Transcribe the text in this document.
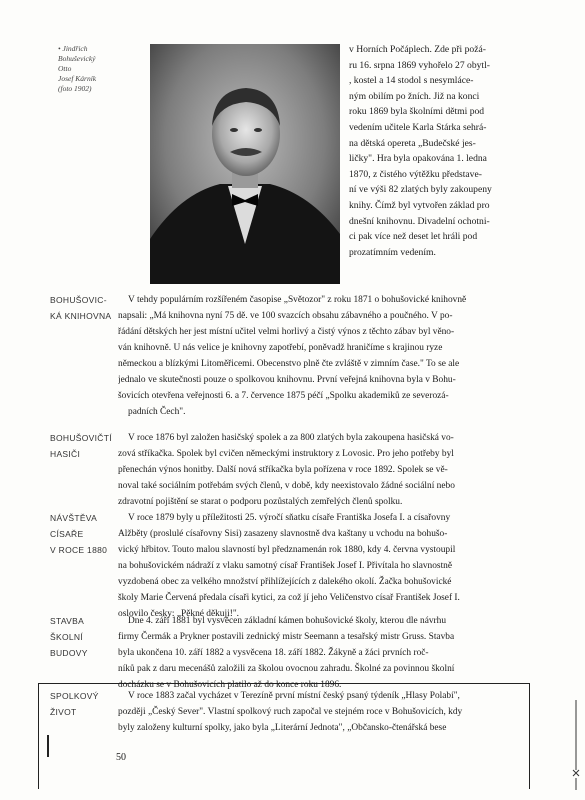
• Jindřich
Bohuševický
Otto
Josef Kárník
(foto 1902)
v Horních Počáplech. Zde při požá-
ru 16. srpna 1869 vyhořelo 27 obytl-
, kostel a 14 stodol s nesymláce-
ným obilím po žních. Již na konci
roku 1869 byla školními dětmi pod
vedením učitele Karla Stárka sehrá-
na dětská opereta „Budečské jes-
ličky". Hra byla opakována 1. ledna
1870, z čistého výtěžku představe-
ní ve výši 82 zlatých byly zakoupeny
knihy. Čímž byl vytvořen základ pro
dnešní knihovnu. Divadelní ochotni-
ci pak více než deset let hráli pod
prozatímním vedením.
BOHUŠOVIC-
KÁ KNIHOVNA
V tehdy populárním rozšířeném časopise „Světozor" z roku 1871 o bohušovické knihovně
napsali: „Má knihovna nyní 75 dě. ve 100 svazcích obsahu zábavného a poučného. V po-
řádání dětských her jest místní učitel velmi horlivý a čistý výnos z těchto zábav byl věno-
ván knihovně. U nás velice je knihovny zapotřebí, poněvadž hraničíme s krajinou ryze
německou a blízkými Litoměřicemi. Obecenstvo plně čte zvláště v zimním čase." To se ale
jednalo ve skutečnosti pouze o spolkovou knihovnu. První veřejná knihovna byla v Bohu-
šovicích otevřena veřejnosti 6. a 7. července 1875 péčí „Spolku akademiků ze severozá-
padních Čech".
BOHUŠOVIČTÍ
HASIČI
V roce 1876 byl založen hasičský spolek a za 800 zlatých byla zakoupena hasičská vo-
zová stříkačka. Spolek byl cvičen německými instruktory z Lovosic. Pro jeho potřeby byl
přenechán výnos honitby. Další nová stříkačka byla pořízena v roce 1892. Spolek se vě-
noval také sociálním potřebám svých členů, v době, kdy neexistovalo žádné sociální nebo
zdravotní pojištění se starat o podporu pozůstalých zemřelých členů spolku.
NÁVŠTĚVA
CÍSAŘE
V ROCE 1880
V roce 1879 byly u příležitosti 25. výročí sňatku císaře Františka Josefa I. a císařovny
Alžběty (proslulé císařovny Sisi) zasazeny slavnostně dva kaštany u vchodu na bohušo-
vický hřbitov. Touto malou slavností byl předznamenán rok 1880, kdy 4. června vystoupil
na bohušovickém nádraží z vlaku samotný císař František Josef I. Přivítala ho slavnostně
vyzdobená obec za velkého množství přihlížejících z dalekého okolí. Žačka bohušovické
školy Marie Červená předala císaři kytici, za což jí jeho Veličenstvo císař František Josef I.
oslovilo česky: „Pěkné děkuji!".
STAVBA
ŠKOLNÍ
BUDOVY
Dne 4. září 1881 byl vysvěcen základní kámen bohušovické školy, kterou dle návrhu
firmy Čermák a Prykner postavili zednický mistr Seemann a tesařský mistr Gruss. Stavba
byla ukončena 10. září 1882 a vysvěcena 18. září 1882. Žákyně a žáci prvních roč-
níků pak z daru mecenášů založili za školou ovocnou zahradu. Školné za povinnou školní
docházku se v Bohušovicích platilo až do konce roku 1896.
SPOLKOVÝ
ŽIVOT
V roce 1883 začal vycházet v Terezíně první místní český psaný týdeník „Hlasy Polabí",
později „Český Sever". Vlastní spolkový ruch započal ve stejném roce v Bohušovicích, kdy
byly založeny kulturní spolky, jako byla „Literární Jednota", „Občansko-čtenářská bese
50
